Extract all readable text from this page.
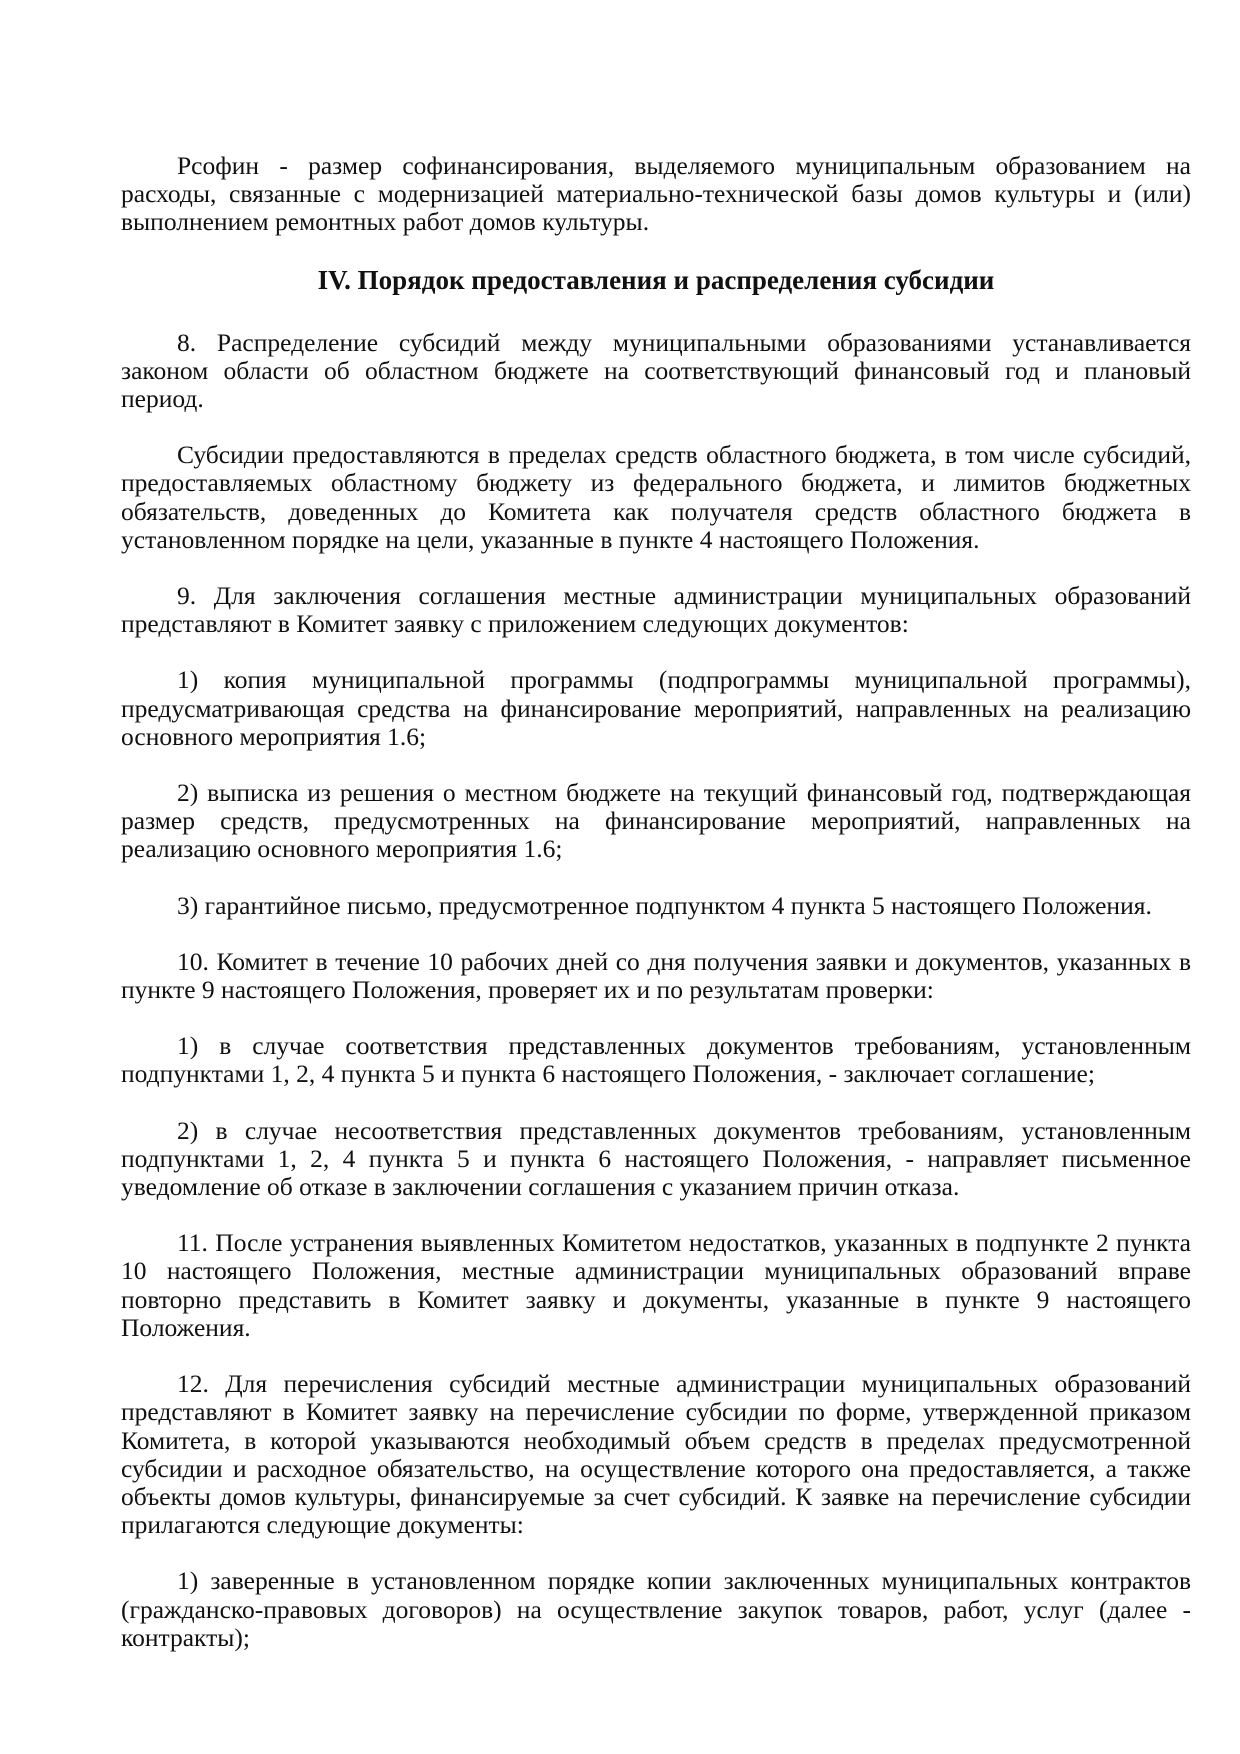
Рсофин - размер софинансирования, выделяемого муниципальным образованием на расходы, связанные с модернизацией материально-технической базы домов культуры и (или) выполнением ремонтных работ домов культуры.

IV. Порядок предоставления и распределения субсидии

8. Распределение субсидий между муниципальными образованиями устанавливается законом области об областном бюджете на соответствующий финансовый год и плановый период.

Субсидии предоставляются в пределах средств областного бюджета, в том числе субсидий, предоставляемых областному бюджету из федерального бюджета, и лимитов бюджетных обязательств, доведенных до Комитета как получателя средств областного бюджета в установленном порядке на цели, указанные в пункте 4 настоящего Положения.

9. Для заключения соглашения местные администрации муниципальных образований представляют в Комитет заявку с приложением следующих документов:

1) копия муниципальной программы (подпрограммы муниципальной программы), предусматривающая средства на финансирование мероприятий, направленных на реализацию основного мероприятия 1.6;

2) выписка из решения о местном бюджете на текущий финансовый год, подтверждающая размер средств, предусмотренных на финансирование мероприятий, направленных на реализацию основного мероприятия 1.6;

3) гарантийное письмо, предусмотренное подпунктом 4 пункта 5 настоящего Положения.

10. Комитет в течение 10 рабочих дней со дня получения заявки и документов, указанных в пункте 9 настоящего Положения, проверяет их и по результатам проверки:

1) в случае соответствия представленных документов требованиям, установленным подпунктами 1, 2, 4 пункта 5 и пункта 6 настоящего Положения, - заключает соглашение;

2) в случае несоответствия представленных документов требованиям, установленным подпунктами 1, 2, 4 пункта 5 и пункта 6 настоящего Положения, - направляет письменное уведомление об отказе в заключении соглашения с указанием причин отказа.

11. После устранения выявленных Комитетом недостатков, указанных в подпункте 2 пункта 10 настоящего Положения, местные администрации муниципальных образований вправе повторно представить в Комитет заявку и документы, указанные в пункте 9 настоящего Положения.

12. Для перечисления субсидий местные администрации муниципальных образований представляют в Комитет заявку на перечисление субсидии по форме, утвержденной приказом Комитета, в которой указываются необходимый объем средств в пределах предусмотренной субсидии и расходное обязательство, на осуществление которого она предоставляется, а также объекты домов культуры, финансируемые за счет субсидий. К заявке на перечисление субсидии прилагаются следующие документы:

1) заверенные в установленном порядке копии заключенных муниципальных контрактов (гражданско-правовых договоров) на осуществление закупок товаров, работ, услуг (далее - контракты);
